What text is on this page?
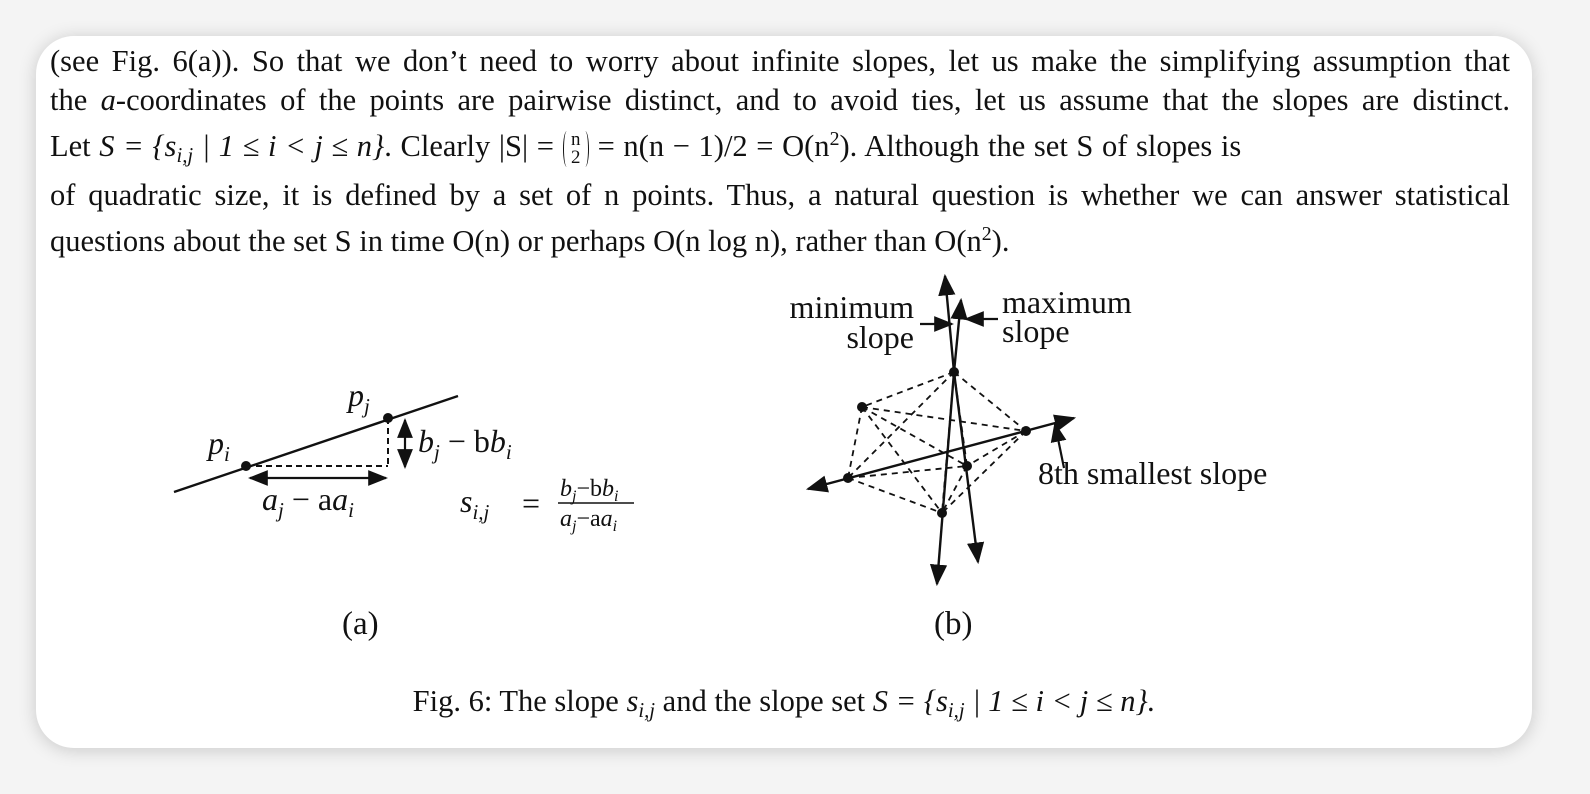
(see Fig. 6(a)). So that we don’t need to worry about infinite slopes, let us make the simplifying assumption that
the a-coordinates of the points are pairwise distinct, and to avoid ties, let us assume that the slopes are distinct.
Let $S = \{s_{i,j}$ | 1 ≤ i < j ≤ n}. Clearly |S| = n
$2 = n(n - 1)/2 = O(n^2)$. Although the set S of slopes is
of quadratic size, it is defined by a set of n points. Thus, a natural question is whether we can answer statistical
questions about the set S in time O(n) or perhaps O(n log n), rather than $O(n^2)$.
$p_i$
$p_j$
$b_j - bb_i$
$a_j - aa_i$	$s_{i,j} = b_j-bb_i$
$a_j-aa_i$
(a)
minimum
slope
maximum
slope
8th smallest slope
(b)
Fig. 6: The slope $s_{i,j}$ and the slope set $S = \{s_{i,j}$ | 1 ≤ i < j ≤ n}.
